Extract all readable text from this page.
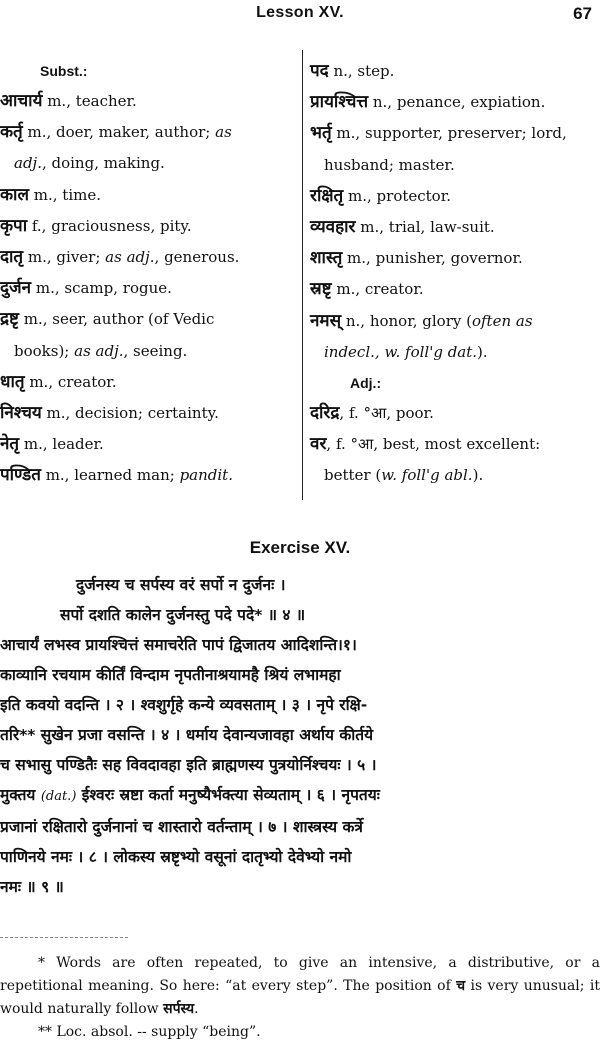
Lesson XV.	67
Subst.:
आचार्य m., teacher.
कर्तृ m., doer, maker, author; as
adj., doing, making.
काल m., time.
कृपा f., graciousness, pity.
दातृ m., giver; as adj., generous.
दुर्जन m., scamp, rogue.
द्रष्टृ m., seer, author (of Vedic
books); as adj., seeing.
धातृ m., creator.
निश्चय m., decision; certainty.
नेतृ m., leader.
पण्डित m., learned man; pandit.
पद n., step.
प्रायश्चित्त n., penance, expiation.
भर्तृ m., supporter, preserver; lord,
husband; master.
रक्षितृ m., protector.
व्यवहार m., trial, law-suit.
शास्तृ m., punisher, governor.
स्रष्टृ m., creator.
नमस् n., honor, glory (often as
indecl., w. foll'g dat.).
Adj.:
दरिद्र, f. °आ, poor.
वर, f. °आ, best, most excellent:
better (w. foll'g abl.).
Exercise XV.
दुर्जनस्य च सर्पस्य वरं सर्पो न दुर्जनः ।
सर्पो दशति कालेन दुर्जनस्तु पदे पदे* ॥ ४ ॥
आचार्यं लभस्व प्रायश्चित्तं समाचरेति पापं द्विजातय आदिशन्ति।१।
काव्यानि रचयाम कीर्तिं विन्दाम नृपतीनाश्रयामहै श्रियं लभामहा
इति कवयो वदन्ति । २ । श्वशुर्गृहे कन्ये व्यवसताम् । ३ । नृपे रक्षि-
तरि** सुखेन प्रजा वसन्ति । ४ । धर्माय देवान्यजावहा अर्थाय कीर्तये
च सभासु पण्डितैः सह विवदावहा इति ब्राह्मणस्य पुत्रयोर्निश्चयः । ५ ।
मुक्तय (dat.) ईश्वरः स्रष्टा कर्ता मनुष्यैर्भक्त्या सेव्यताम् । ६ । नृपतयः
प्रजानां रक्षितारो दुर्जनानां च शास्तारो वर्तन्ताम् । ७ । शास्त्रस्य कर्त्रे
पाणिनये नमः । ८ । लोकस्य स्रष्टृभ्यो वसूनां दातृभ्यो देवेभ्यो नमो
नमः ॥ ९ ॥
* Words are often repeated, to give an intensive, a distributive, or a repetitional meaning. So here: “at every step”. The position of च is very unusual; it would naturally follow सर्पस्य.
** Loc. absol. -- supply “being”.
